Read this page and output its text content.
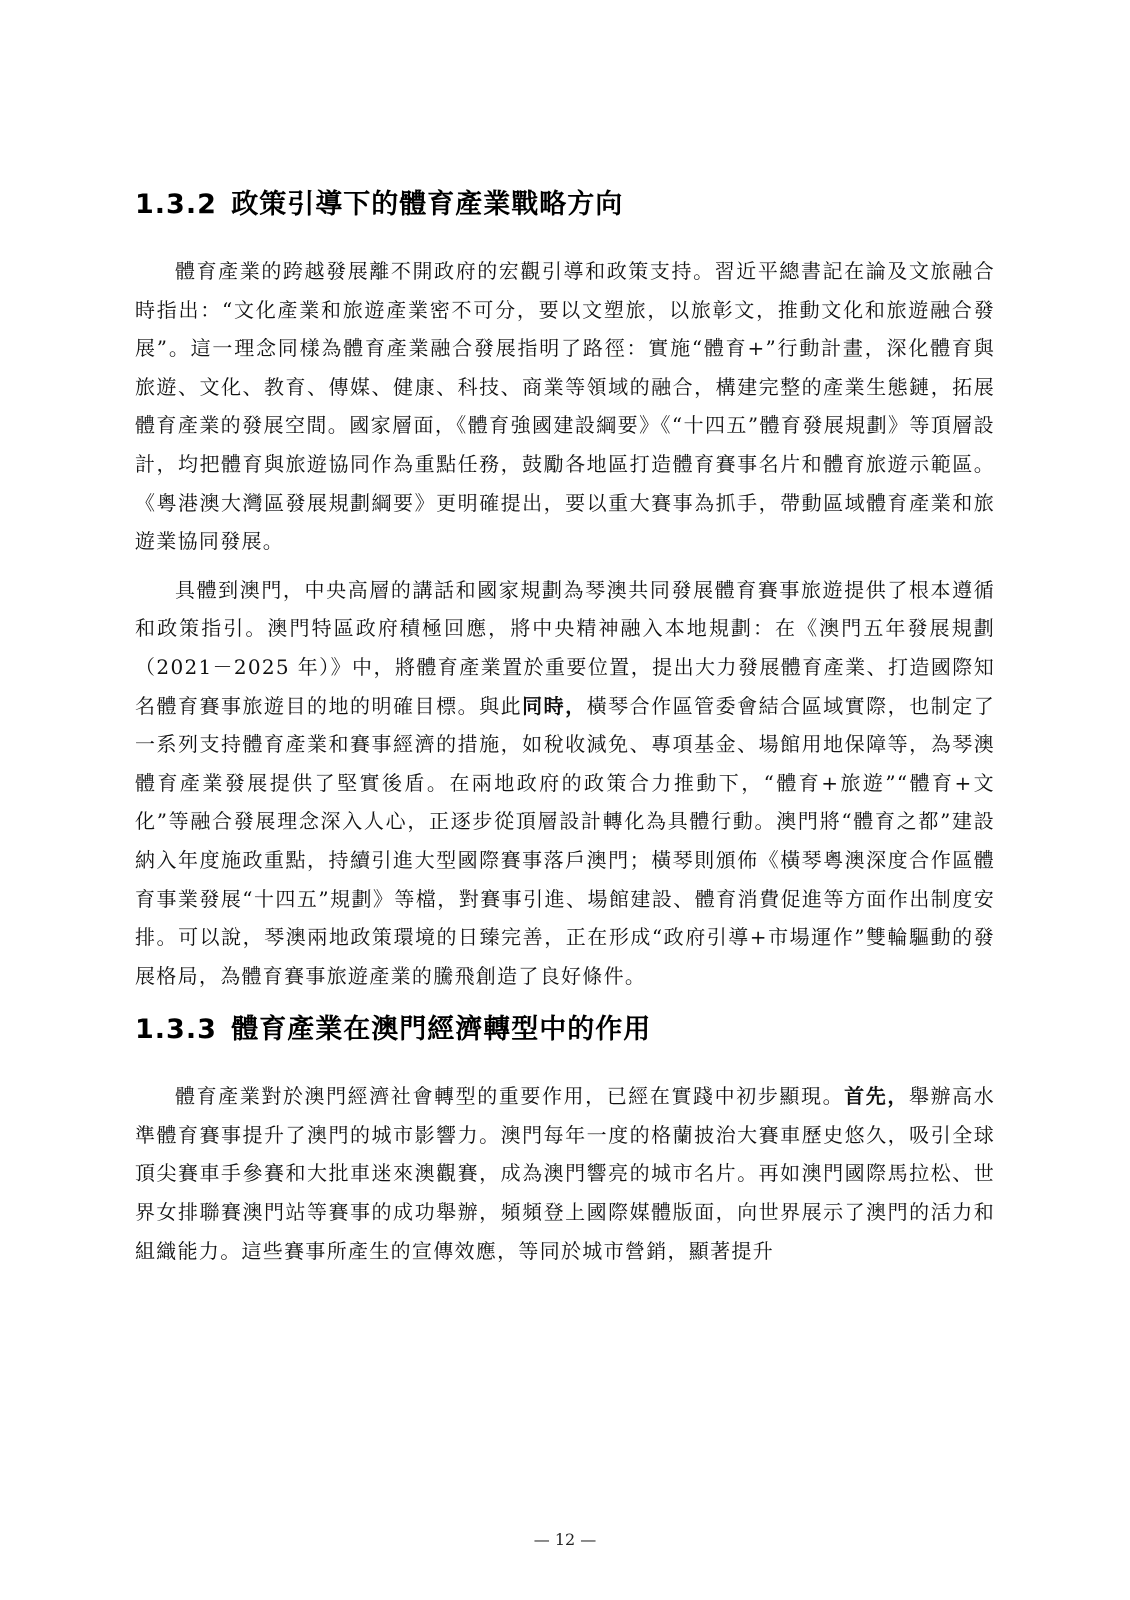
1.3.2 政策引導下的體育產業戰略方向

體育產業的跨越發展離不開政府的宏觀引導和政策支持。習近平總書記在論及文旅融合時指出：“文化產業和旅遊產業密不可分，要以文塑旅，以旅彰文，推動文化和旅遊融合發展”。這一理念同樣為體育產業融合發展指明了路徑：實施“體育+”行動計畫，深化體育與旅遊、文化、教育、傳媒、健康、科技、商業等領域的融合，構建完整的產業生態鏈，拓展體育產業的發展空間。國家層面，《體育強國建設綱要》《“十四五”體育發展規劃》等頂層設計，均把體育與旅遊協同作為重點任務，鼓勵各地區打造體育賽事名片和體育旅遊示範區。《粵港澳大灣區發展規劃綱要》更明確提出，要以重大賽事為抓手，帶動區域體育產業和旅遊業協同發展。

具體到澳門，中央高層的講話和國家規劃為琴澳共同發展體育賽事旅遊提供了根本遵循和政策指引。澳門特區政府積極回應，將中央精神融入本地規劃：在《澳門五年發展規劃（2021－2025 年）》中，將體育產業置於重要位置，提出大力發展體育產業、打造國際知名體育賽事旅遊目的地的明確目標。與此同時，橫琴合作區管委會結合區域實際，也制定了一系列支持體育產業和賽事經濟的措施，如稅收減免、專項基金、場館用地保障等，為琴澳體育產業發展提供了堅實後盾。在兩地政府的政策合力推動下，“體育+旅遊”“體育+文化”等融合發展理念深入人心，正逐步從頂層設計轉化為具體行動。澳門將“體育之都”建設納入年度施政重點，持續引進大型國際賽事落戶澳門；橫琴則頒佈《橫琴粵澳深度合作區體育事業發展“十四五”規劃》等檔，對賽事引進、場館建設、體育消費促進等方面作出制度安排。可以說，琴澳兩地政策環境的日臻完善，正在形成“政府引導+市場運作”雙輪驅動的發展格局，為體育賽事旅遊產業的騰飛創造了良好條件。

1.3.3 體育產業在澳門經濟轉型中的作用

體育產業對於澳門經濟社會轉型的重要作用，已經在實踐中初步顯現。首先，舉辦高水準體育賽事提升了澳門的城市影響力。澳門每年一度的格蘭披治大賽車歷史悠久，吸引全球頂尖賽車手參賽和大批車迷來澳觀賽，成為澳門響亮的城市名片。再如澳門國際馬拉松、世界女排聯賽澳門站等賽事的成功舉辦，頻頻登上國際媒體版面，向世界展示了澳門的活力和組織能力。這些賽事所產生的宣傳效應，等同於城市營銷，顯著提升

— 12 —
